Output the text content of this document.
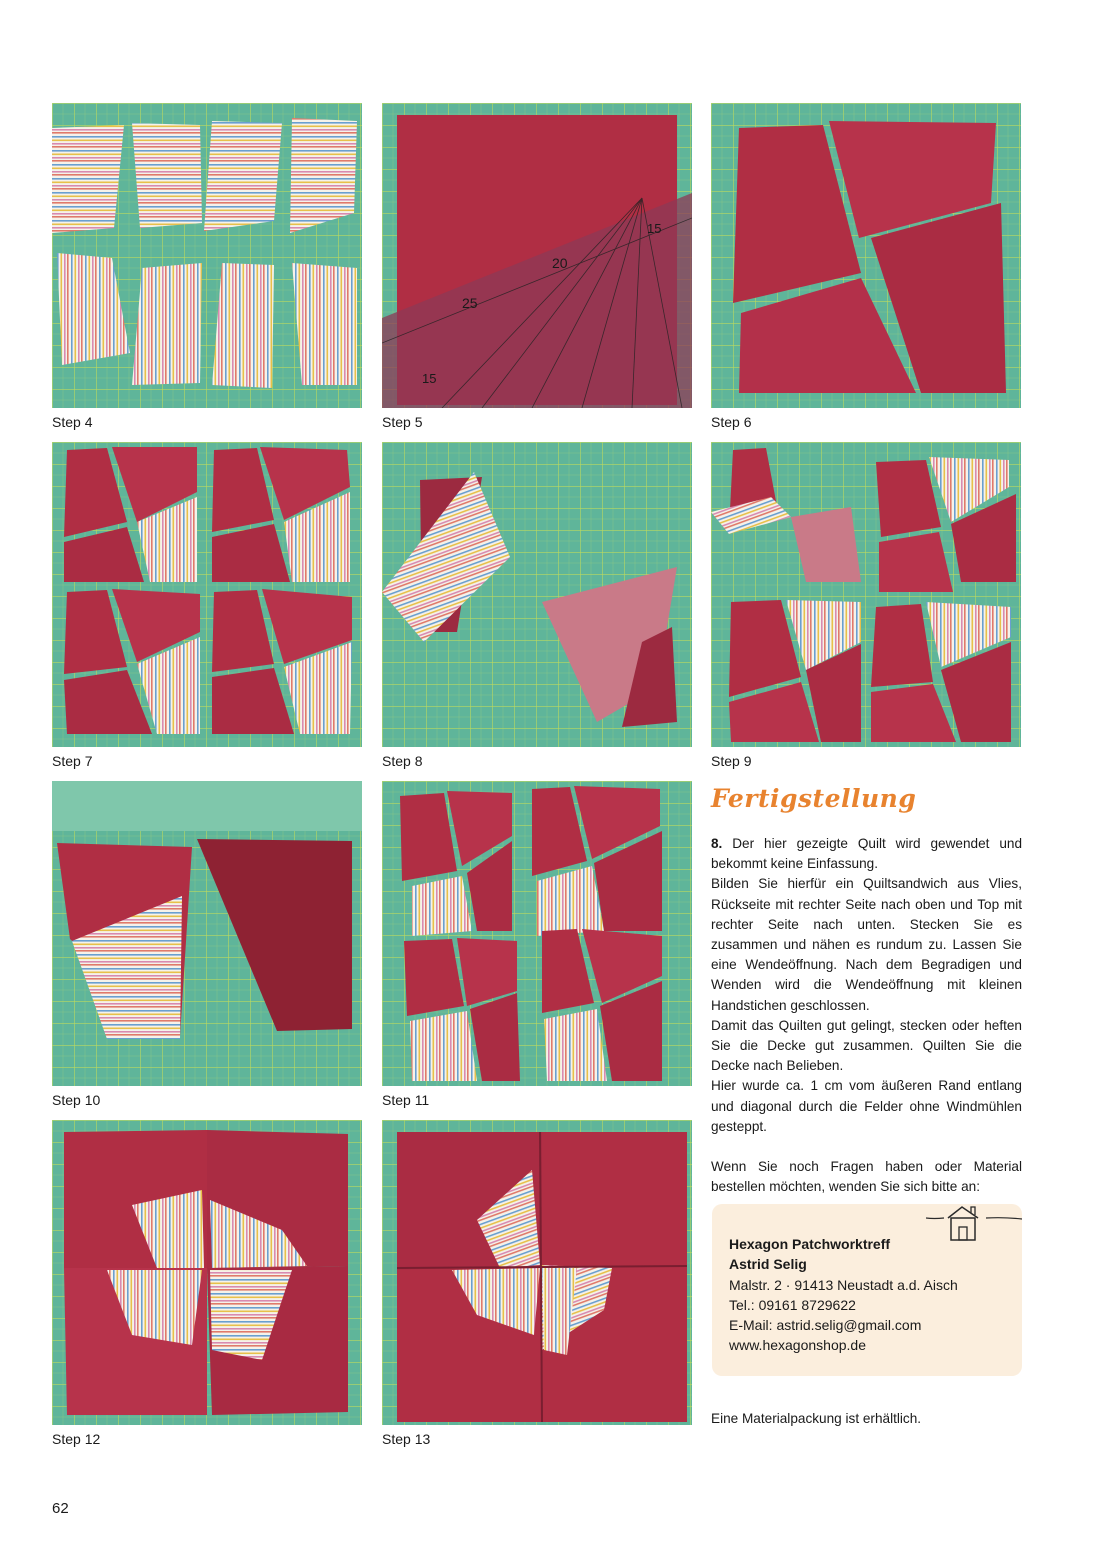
20
25
15
15
Step 4	Step 5	Step 6
Step 7	Step 8	Step 9
Step 10	Step 11
Fertigstellung

8. Der hier gezeigte Quilt wird gewendet und bekommt keine Einfassung.

Bilden Sie hierfür ein Quiltsandwich aus Vlies, Rückseite mit rechter Seite nach oben und Top mit rechter Seite nach unten. Stecken Sie es zusammen und nähen es rundum zu. Lassen Sie eine Wendeöffnung. Nach dem Begradigen und Wenden wird die Wendeöffnung mit kleinen Handstichen geschlossen.

Damit das Quilten gut gelingt, stecken oder heften Sie die Decke gut zusammen. Quilten Sie die Decke nach Belieben.

Hier wurde ca. 1 cm vom äußeren Rand entlang und diagonal durch die Felder ohne Windmühlen gesteppt.

Wenn Sie noch Fragen haben oder Material bestellen möchten, wenden Sie sich bitte an:

Hexagon Patchworktreff
Astrid Selig
Malstr. 2 · 91413 Neustadt a.d. Aisch
Tel.: 09161 8729622
E-Mail: astrid.selig@gmail.com
www.hexagonshop.de
Step 12	Step 13
Eine Materialpackung ist erhältlich.
62
